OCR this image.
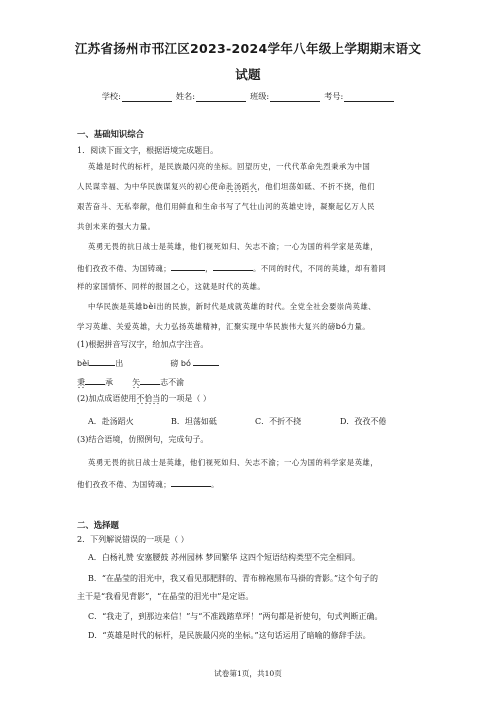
江苏省扬州市邗江区2023-2024学年八年级上学期期末语文
试题
学校:	姓名:	班级:	考号:
一、基础知识综合
1．阅读下面文字，根据语境完成题目。
英雄是时代的标杆，是民族最闪亮的坐标。回望历史，一代代革命先烈秉承为中国
人民谋幸福、为中华民族谋复兴的初心使命赴汤蹈火，他们坦荡如砥、不折不挠，他们
艰苦奋斗、无私奉献，他们用鲜血和生命书写了气壮山河的英雄史诗，凝聚起亿万人民
共创未来的强大力量。
英勇无畏的抗日战士是英雄，他们视死如归、矢志不渝；一心为国的科学家是英雄，
他们孜孜不倦、为国铸魂；	，	。不同的时代，不同的英雄，却有着同
样的家国情怀、同样的报国之心，这就是时代的英雄。
中华民族是英雄bèi出的民族，新时代是成就英雄的时代。全党全社会要崇尚英雄、
学习英雄、关爱英雄，大力弘扬英雄精神，汇聚实现中华民族伟大复兴的磅bó力量。
(1)根据拼音写汉字，给加点字注音。
bèi	出	磅 bó
秉	承 矢	志不渝
(2)加点成语使用不恰当的一项是（ ）
A．赴汤蹈火	B．坦荡如砥	C．不折不挠	D．孜孜不倦
(3)结合语境，仿照例句，完成句子。
英勇无畏的抗日战士是英雄，他们视死如归、矢志不渝；一心为国的科学家是英雄，
他们孜孜不倦、为国铸魂；	。
二、选择题
2．下列解说错误的一项是（ ）
A．白杨礼赞 安塞腰鼓 苏州园林 梦回繁华 这四个短语结构类型不完全相同。
B．“在晶莹的泪光中，我又看见那肥胖的、青布棉袍黑布马褂的背影。”这个句子的
主干是“我看见背影”，“在晶莹的泪光中”是定语。
C．“我走了，到那边来信！”与“不准践踏草坪！”两句都是祈使句，句式判断正确。
D．“英雄是时代的标杆，是民族最闪亮的坐标。”这句话运用了暗喻的修辞手法。
试卷第1页，共10页
